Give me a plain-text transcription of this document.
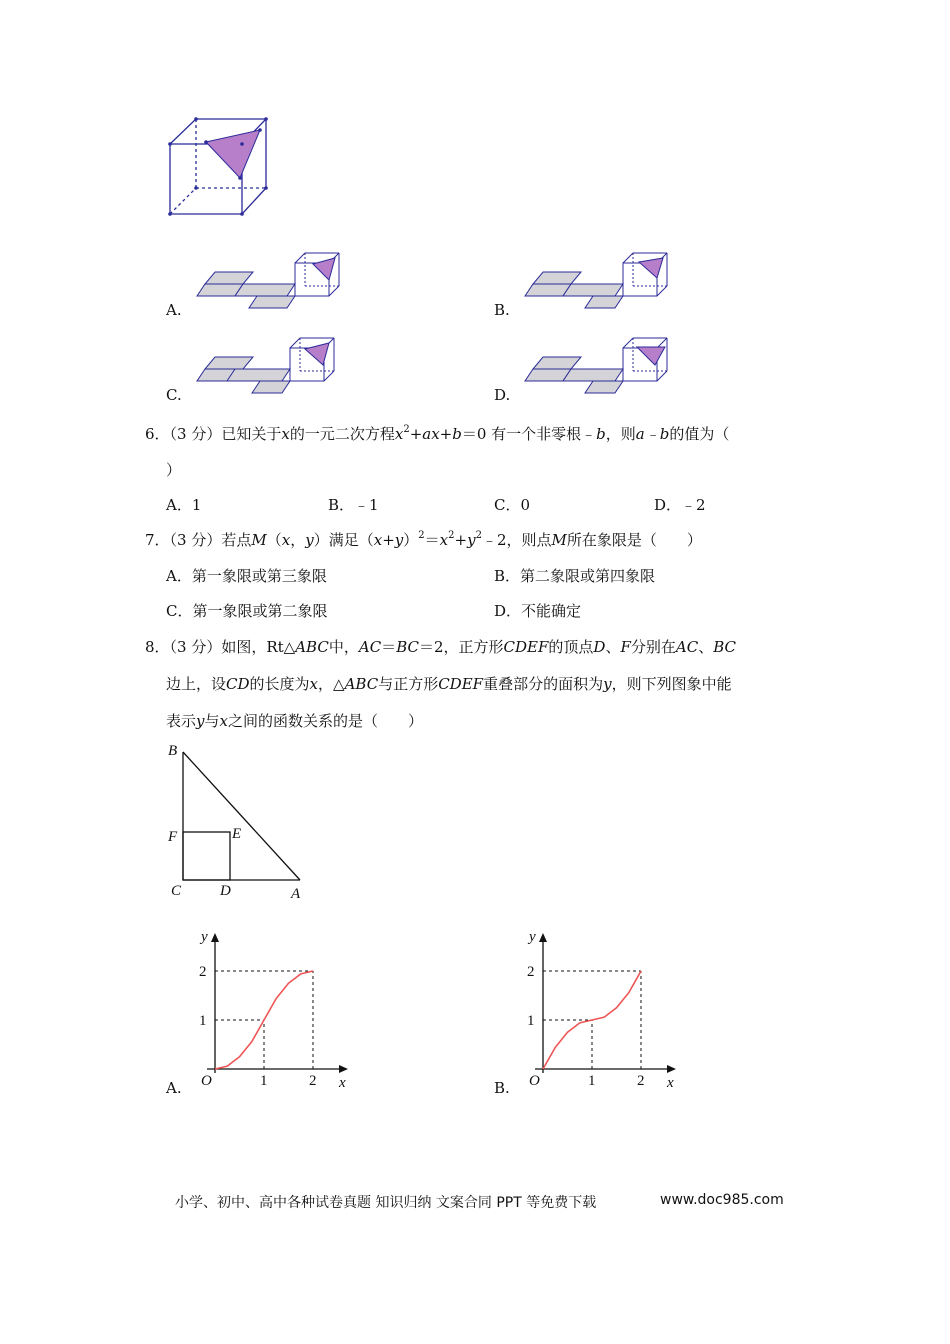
A.	B.
C.	D.
6．（3 分）已知关于x的一元二次方程$x^2+ax+b=0$ 有一个非零根﹣b，则a﹣b的值为（
）
A．1	B．﹣1	C．0	D．﹣2
7．（3 分）若点M（x，y）满足$(x+y)^2=x^2+y^2﹣2$，则点M所在象限是（　　）
A．第一象限或第三象限	B．第二象限或第四象限
C．第一象限或第二象限	D．不能确定
8．（3 分）如图，Rt△ABC中，AC＝BC＝2，正方形CDEF的顶点D、F分别在AC、BC
边上，设CD的长度为x，△ABC与正方形CDEF重叠部分的面积为y，则下列图象中能
表示y与x之间的函数关系的是（　　）
B
F	E
C	D	A
1	2
1
2
O	x
y
A.	1	2
1
2
O	x
y
B.
小学、初中、高中各种试卷真题 知识归纳 文案合同 PPT 等免费下载	www.doc985.com
